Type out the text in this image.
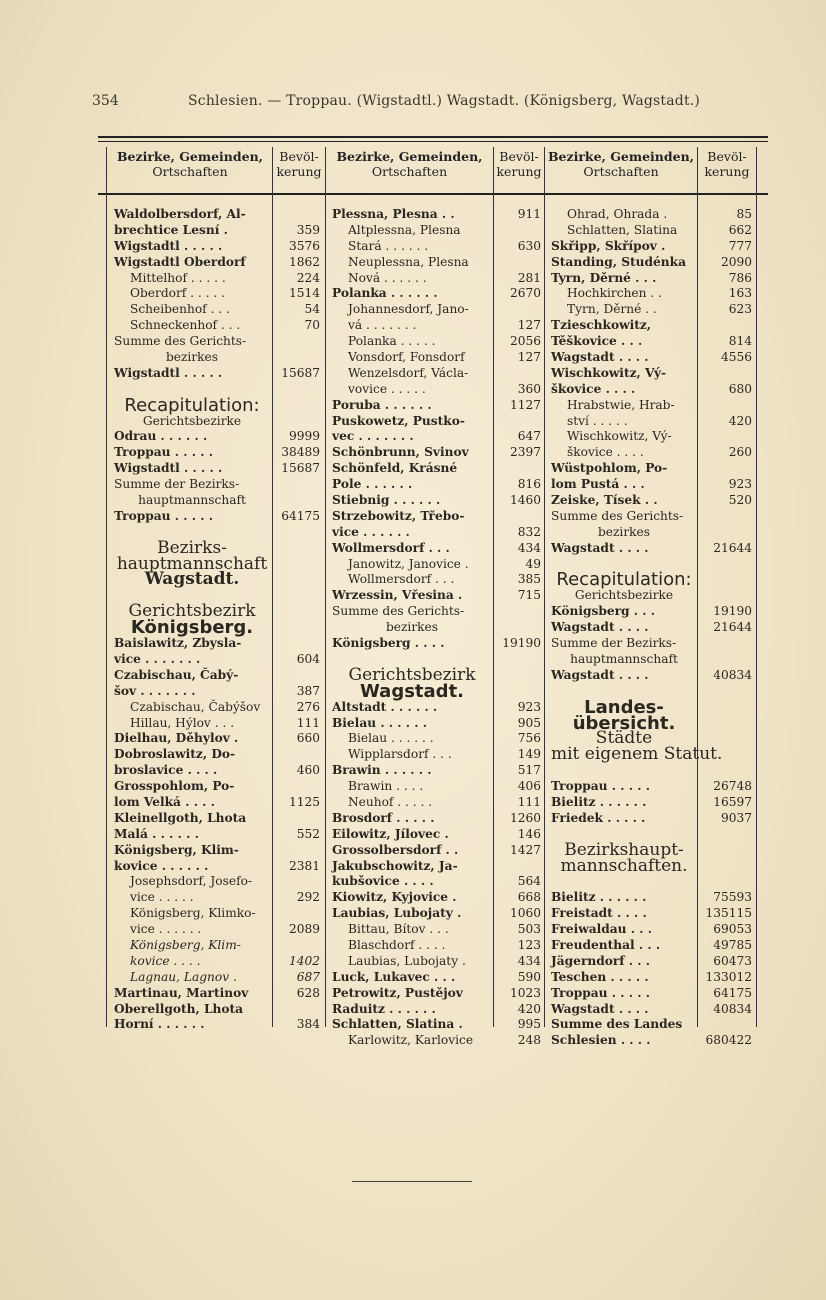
354	Schlesien. — Troppau. (Wigstadtl.) Wagstadt. (Königsberg, Wagstadt.)
Bezirke, Gemeinden,
Ortschaften
Bevöl-
kerung
Bezirke, Gemeinden,
Ortschaften
Bevöl-
kerung
Bezirke, Gemeinden,
Ortschaften
Bevöl-
kerung
Waldolbersdorf, Al-
brechtice Lesní .	359
Wigstadtl . . . . .	3576
Wigstadtl Oberdorf	1862
Mittelhof . . . . .	224
Oberdorf . . . . .	1514
Scheibenhof . . .	54
Schneckenhof . . .	70
Summe des Gerichts-
bezirkes
Wigstadtl . . . . .	15687
Recapitulation:
Gerichtsbezirke
Odrau . . . . . .	9999
Troppau . . . . .	38489
Wigstadtl . . . . .	15687
Summe der Bezirks-
hauptmannschaft
Troppau . . . . .	64175
Bezirks-
hauptmannschaft
Wagstadt.
Gerichtsbezirk
Königsberg.
Baislawitz, Zbysla-
vice . . . . . . .	604
Czabischau, Čabý-
šov . . . . . . .	387
Czabischau, Čabýšov	276
Hillau, Hýlov . . .	111
Dielhau, Děhylov .	660
Dobroslawitz, Do-
broslavice . . . .	460
Grosspohlom, Po-
lom Velká . . . .	1125
Kleinellgoth, Lhota
Malá . . . . . .	552
Königsberg, Klim-
kovice . . . . . .	2381
Josephsdorf, Josefo-
vice . . . . .	292
Königsberg, Klimko-
vice . . . . . .	2089
Königsberg, Klim-
kovice . . . .	1402
Lagnau, Lagnov .	687
Martinau, Martinov	628
Oberellgoth, Lhota
Horní . . . . . .	384
Plessna, Plesna . .	911
Altplessna, Plesna
Stará . . . . . .	630
Neuplessna, Plesna
Nová . . . . . .	281
Polanka . . . . . .	2670
Johannesdorf, Jano-
vá . . . . . . .	127
Polanka . . . . .	2056
Vonsdorf, Fonsdorf	127
Wenzelsdorf, Václa-
vovice . . . . .	360
Poruba . . . . . .	1127
Puskowetz, Pustko-
vec . . . . . . .	647
Schönbrunn, Svinov	2397
Schönfeld, Krásné
Pole . . . . . .	816
Stiebnig . . . . . .	1460
Strzebowitz, Třebo-
vice . . . . . .	832
Wollmersdorf . . .	434
Janowitz, Janovice .	49
Wollmersdorf . . .	385
Wrzessin, Vřesina .	715
Summe des Gerichts-
bezirkes
Königsberg . . . .	19190
Gerichtsbezirk
Wagstadt.
Altstadt . . . . . .	923
Bielau . . . . . .	905
Bielau . . . . . .	756
Wipplarsdorf . . .	149
Brawin . . . . . .	517
Brawin . . . .	406
Neuhof . . . . .	111
Brosdorf . . . . .	1260
Eilowitz, Jílovec .	146
Grossolbersdorf . .	1427
Jakubschowitz, Ja-
kubšovice . . . .	564
Kiowitz, Kyjovice .	668
Laubias, Lubojaty .	1060
Bittau, Bítov . . .	503
Blaschdorf . . . .	123
Laubias, Lubojaty .	434
Luck, Lukavec . . .	590
Petrowitz, Pustějov	1023
Raduitz . . . . . .	420
Schlatten, Slatina .	995
Karlowitz, Karlovice	248
Ohrad, Ohrada .	85
Schlatten, Slatina	662
Skřipp, Skřípov .	777
Standing, Studénka	2090
Tyrn, Děrné . . .	786
Hochkirchen . .	163
Tyrn, Děrné . .	623
Tzieschkowitz,
Těškovice . . .	814
Wagstadt . . . .	4556
Wischkowitz, Vý-
škovice . . . .	680
Hrabstwie, Hrab-
ství . . . . .	420
Wischkowitz, Vý-
škovice . . . .	260
Wüstpohlom, Po-
lom Pustá . . .	923
Zeiske, Tísek . .	520
Summe des Gerichts-
bezirkes
Wagstadt . . . .	21644
Recapitulation:
Gerichtsbezirke
Königsberg . . .	19190
Wagstadt . . . .	21644
Summe der Bezirks-
hauptmannschaft
Wagstadt . . . .	40834
Landes-
übersicht.
Städte
mit eigenem Statut.
Troppau . . . . .	26748
Bielitz . . . . . .	16597
Friedek . . . . .	9037
Bezirkshaupt-
mannschaften.
Bielitz . . . . . .	75593
Freistadt . . . .	135115
Freiwaldau . . .	69053
Freudenthal . . .	49785
Jägerndorf . . .	60473
Teschen . . . . .	133012
Troppau . . . . .	64175
Wagstadt . . . .	40834
Summe des Landes
Schlesien . . . .	680422
